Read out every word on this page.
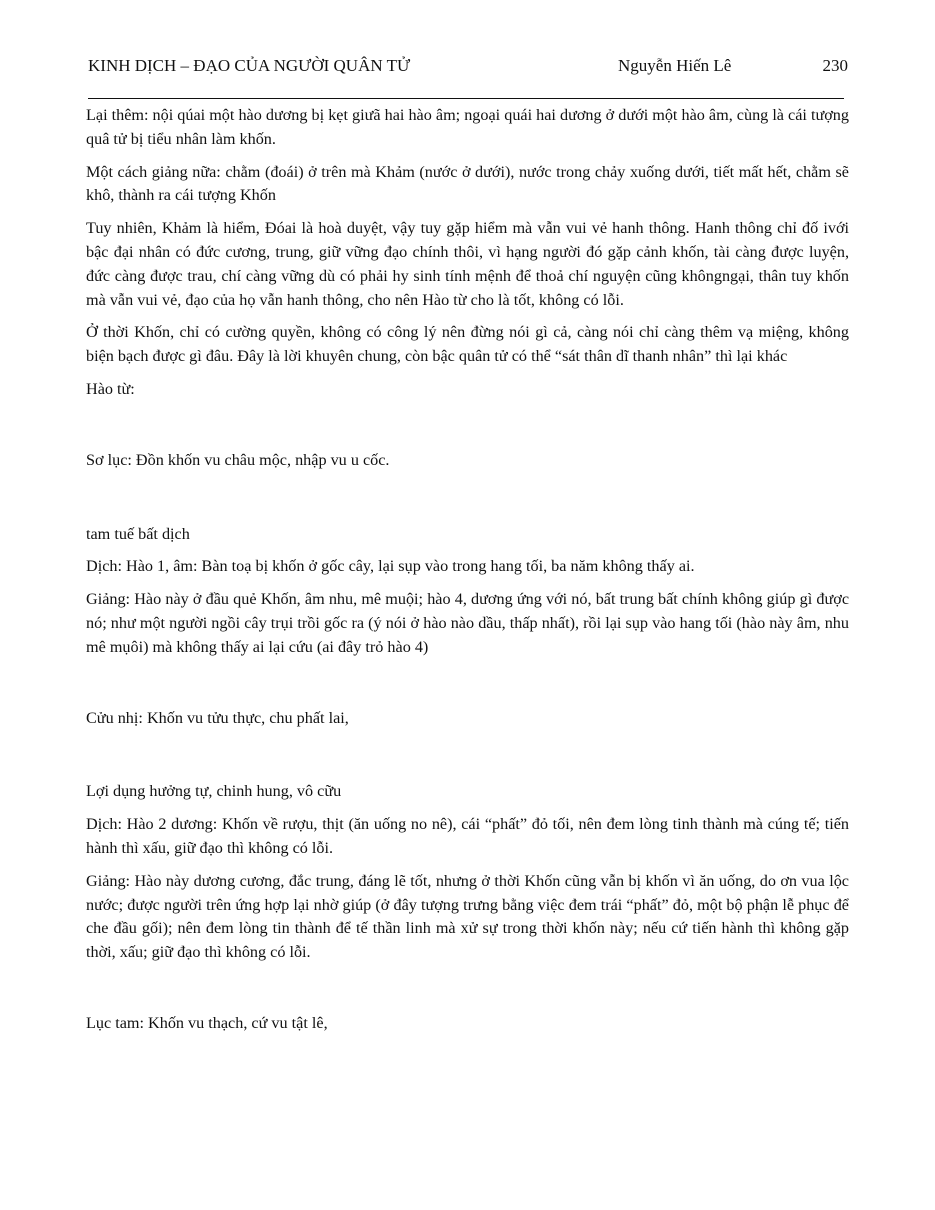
KINH DỊCH – ĐẠO CỦA NGƯỜI QUÂN TỬ	Nguyễn Hiến Lê	230

Lại thêm: nội qúai một hào dương bị kẹt giưã hai hào âm; ngoại quái hai dương ở dưới một hào âm, cùng là cái tượng quâ tử bị tiểu nhân làm khốn.

Một cách giảng nữa: chằm (đoái) ở trên mà Khảm (nước ở dưới), nước trong chảy xuống dưới, tiết mất hết, chằm sẽ khô, thành ra cái tượng Khốn

Tuy nhiên, Khảm là hiểm, Đóai là hoà duyệt, vậy tuy gặp hiểm mà vẫn vui vẻ hanh thông. Hanh thông chỉ đố ivới bậc đại nhân có đức cương, trung, giữ vững đạo chính thôi, vì hạng người đó gặp cảnh khốn, tài càng được luyện, đức càng được trau, chí càng vững dù có phải hy sinh tính mệnh để thoả chí nguyện cũng khôngngại, thân tuy khốn mà vẫn vui vẻ, đạo của họ vẫn hanh thông, cho nên Hào từ cho là tốt, không có lỗi.

Ở thời Khốn, chỉ có cường quyền, không có công lý nên đừng nói gì cả, càng nói chỉ càng thêm vạ miệng, không biện bạch được gì đâu. Đây là lời khuyên chung, còn bậc quân tử có thể “sát thân dĩ thanh nhân” thì lại khác

Hào từ:

Sơ lục: Đồn khốn vu châu mộc, nhập vu u cốc.

tam tuế bất dịch

Dịch: Hào 1, âm: Bàn toạ bị khốn ở gốc cây, lại sụp vào trong hang tối, ba năm không thấy ai.

Giảng: Hào này ở đầu quẻ Khốn, âm nhu, mê muội; hào 4, dương ứng với nó, bất trung bất chính không giúp gì được nó; như một người ngồi cây trụi trồi gốc ra (ý nói ở hào nào dầu, thấp nhất), rồi lại sụp vào hang tối (hào này âm, nhu mê mụôi) mà không thấy ai lại cứu (ai đây trỏ hào 4)

Cửu nhị: Khốn vu tửu thực, chu phất lai,

Lợi dụng hưởng tự, chinh hung, vô cữu

Dịch: Hào 2 dương: Khốn về rượu, thịt (ăn uống no nê), cái “phất” đỏ tối, nên đem lòng tinh thành mà cúng tế; tiến hành thì xấu, giữ đạo thì không có lỗi.

Giảng: Hào này dương cương, đắc trung, đáng lẽ tốt, nhưng ở thời Khốn cũng vẫn bị khốn vì ăn uống, do ơn vua lộc nước; được người trên ứng hợp lại nhờ giúp (ở đây tượng trưng bằng việc đem trái “phất” đỏ, một bộ phận lễ phục để che đầu gối); nên đem lòng tin thành để tế thần linh mà xử sự trong thời khốn này; nếu cứ tiến hành thì không gặp thời, xấu; giữ đạo thì không có lỗi.

Lục tam: Khốn vu thạch, cứ vu tật lê,
